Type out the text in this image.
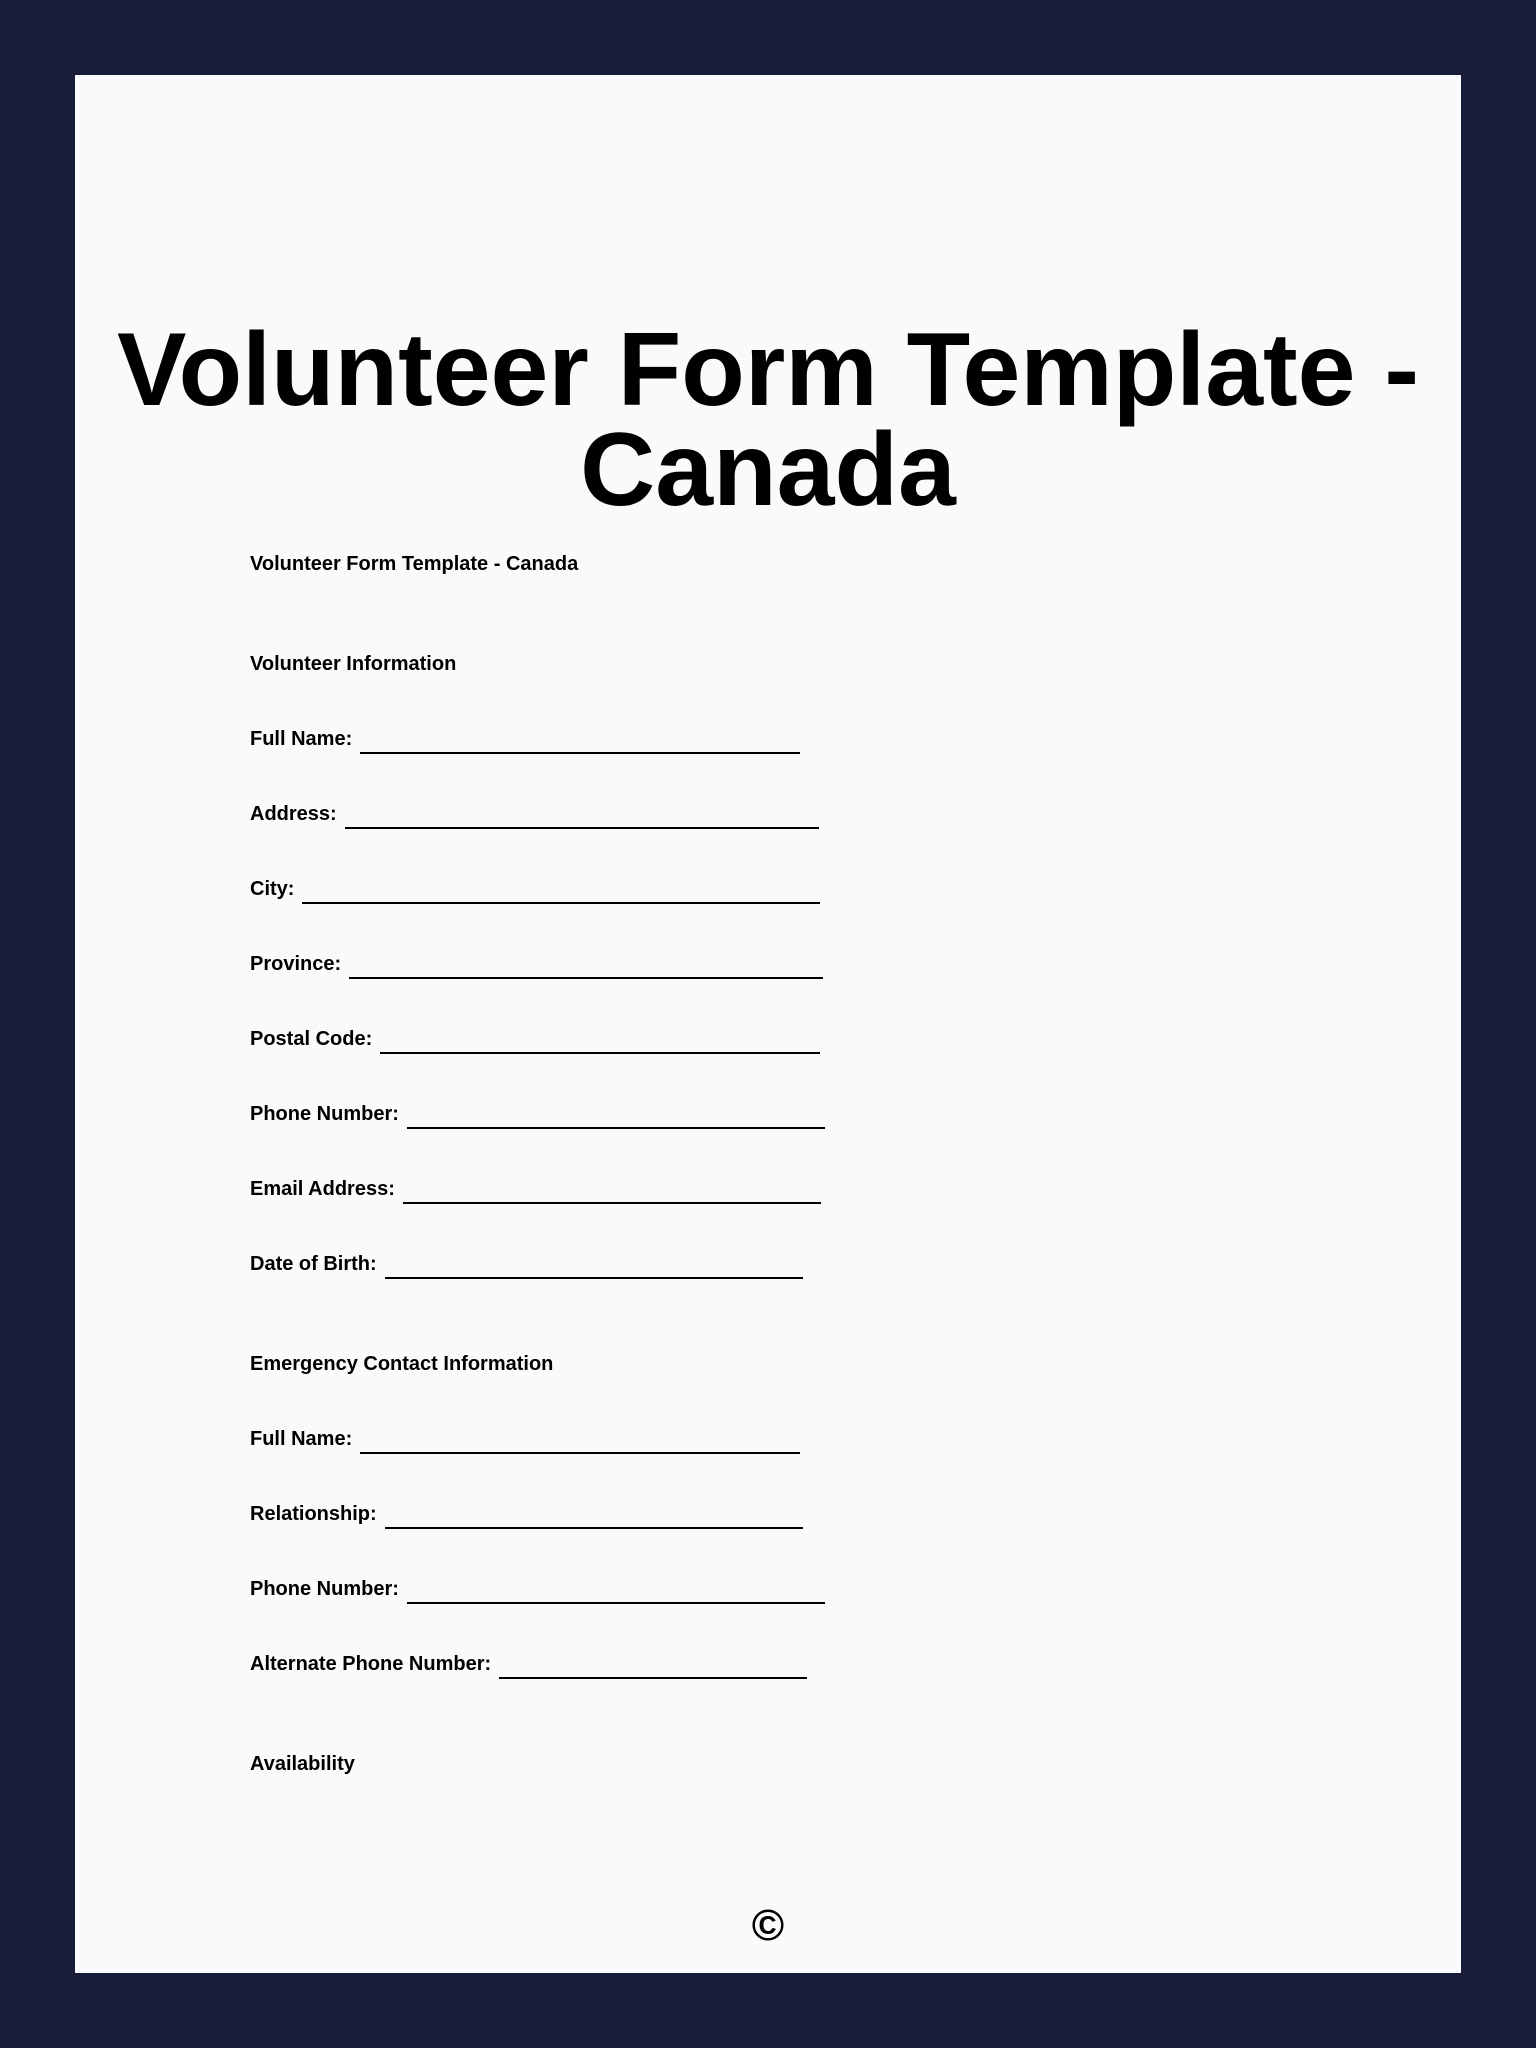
Volunteer Form Template - Canada
Volunteer Form Template - Canada
Volunteer Information
Full Name:
Address:
City:
Province:
Postal Code:
Phone Number:
Email Address:
Date of Birth:
Emergency Contact Information
Full Name:
Relationship:
Phone Number:
Alternate Phone Number:
Availability
©
